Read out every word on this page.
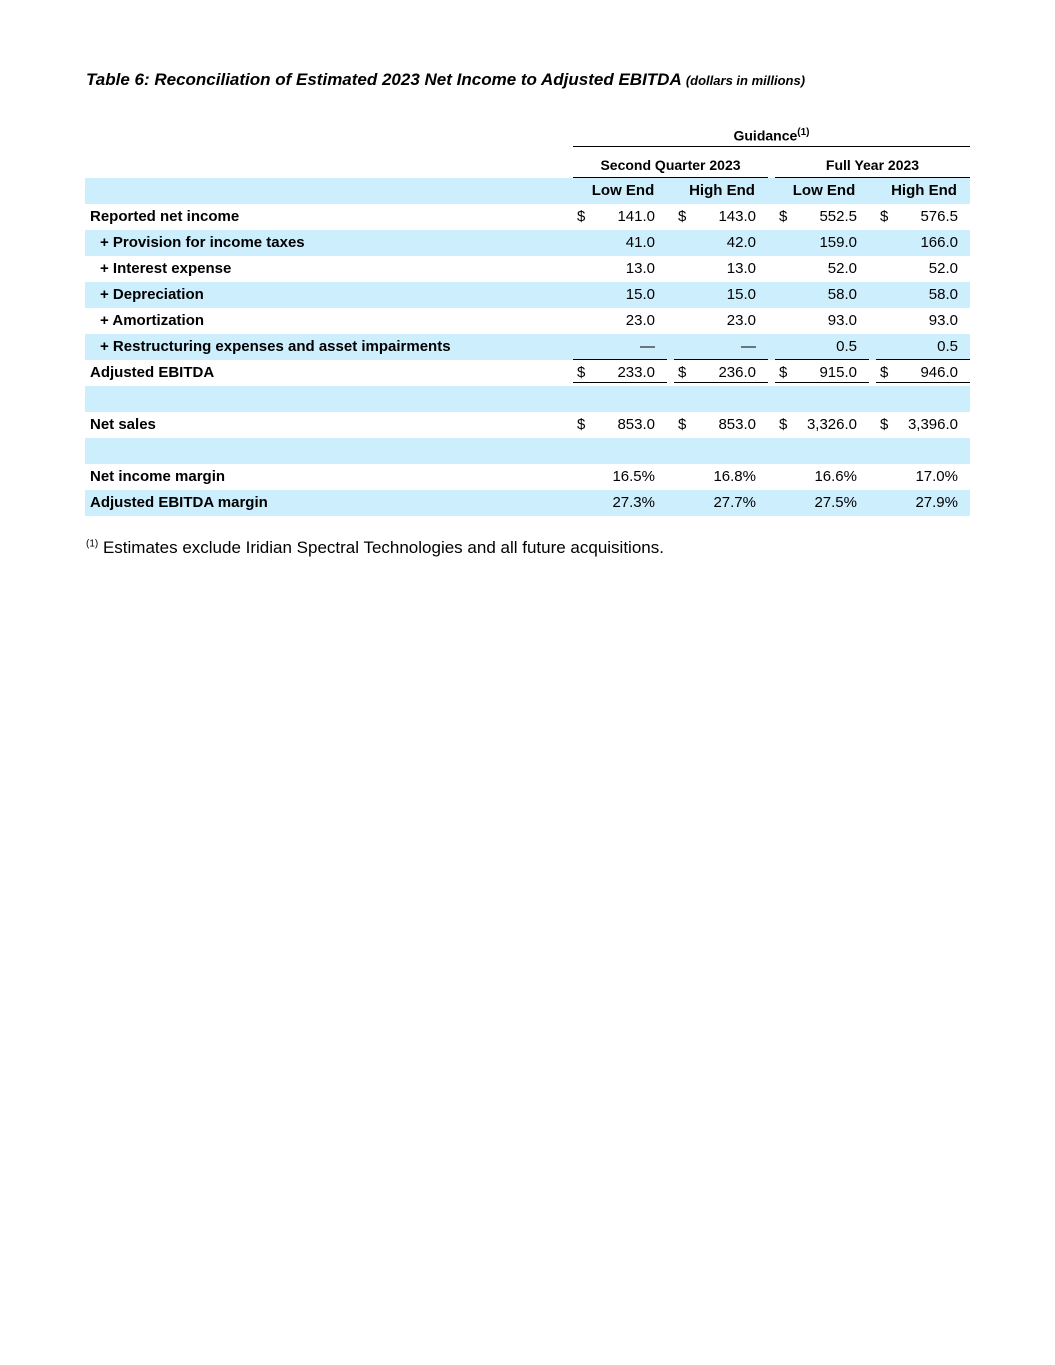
Table 6: Reconciliation of Estimated 2023 Net Income to Adjusted EBITDA (dollars in millions)
Guidance$^{(1)}$
Second Quarter 2023	Full Year 2023
Low End	High End	Low End	High End
Reported net income	$	141.0 $	143.0 $	552.5 $	576.5
+ Provision for income taxes	41.0	42.0	159.0	166.0
+ Interest expense	13.0	13.0	52.0	52.0
+ Depreciation	15.0	15.0	58.0	58.0
+ Amortization	23.0	23.0	93.0	93.0
+ Restructuring expenses and asset impairments	—	—	0.5	0.5
Adjusted EBITDA	$	233.0 $	236.0 $	915.0 $	946.0
Net sales	$	853.0 $	853.0 $	3,326.0 $	3,396.0
Net income margin	16.5%	16.8%	16.6%	17.0%
Adjusted EBITDA margin	27.3%	27.7%	27.5%	27.9%
$^{(1)}$ Estimates exclude Iridian Spectral Technologies and all future acquisitions.
